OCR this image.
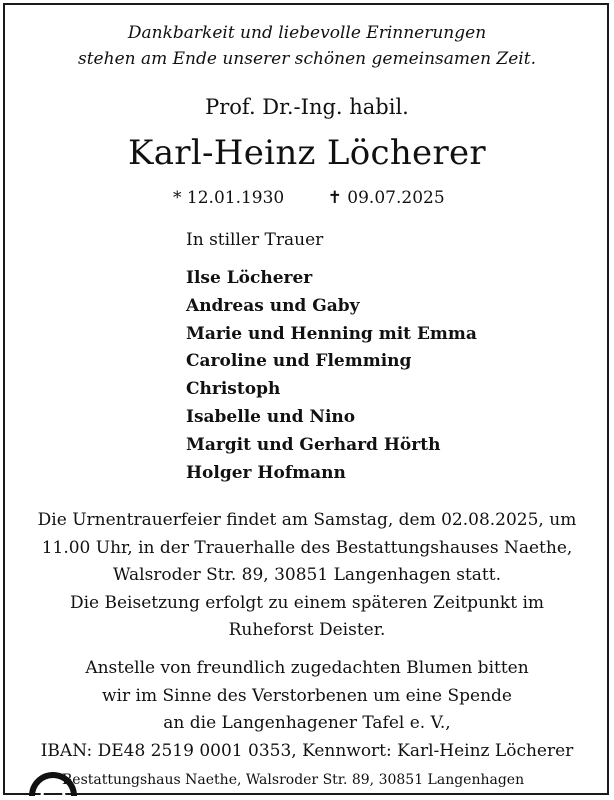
Dankbarkeit und liebevolle Erinnerungen
stehen am Ende unserer schönen gemeinsamen Zeit.
Prof. Dr.-Ing. habil.
Karl-Heinz Löcherer
* 12.01.1930	✝ 09.07.2025
In stiller Trauer
Ilse Löcherer
Andreas und Gaby
Marie und Henning mit Emma
Caroline und Flemming
Christoph
Isabelle und Nino
Margit und Gerhard Hörth
Holger Hofmann
Die Urnentrauerfeier findet am Samstag, dem 02.08.2025, um
11.00 Uhr, in der Trauerhalle des Bestattungshauses Naethe,
Walsroder Str. 89, 30851 Langenhagen statt.
Die Beisetzung erfolgt zu einem späteren Zeitpunkt im
Ruheforst Deister.
Anstelle von freundlich zugedachten Blumen bitten
wir im Sinne des Verstorbenen um eine Spende
an die Langenhagener Tafel e. V.,
IBAN: DE48 2519 0001 0353, Kennwort: Karl-Heinz Löcherer
Bestattungshaus Naethe, Walsroder Str. 89, 30851 Langenhagen
